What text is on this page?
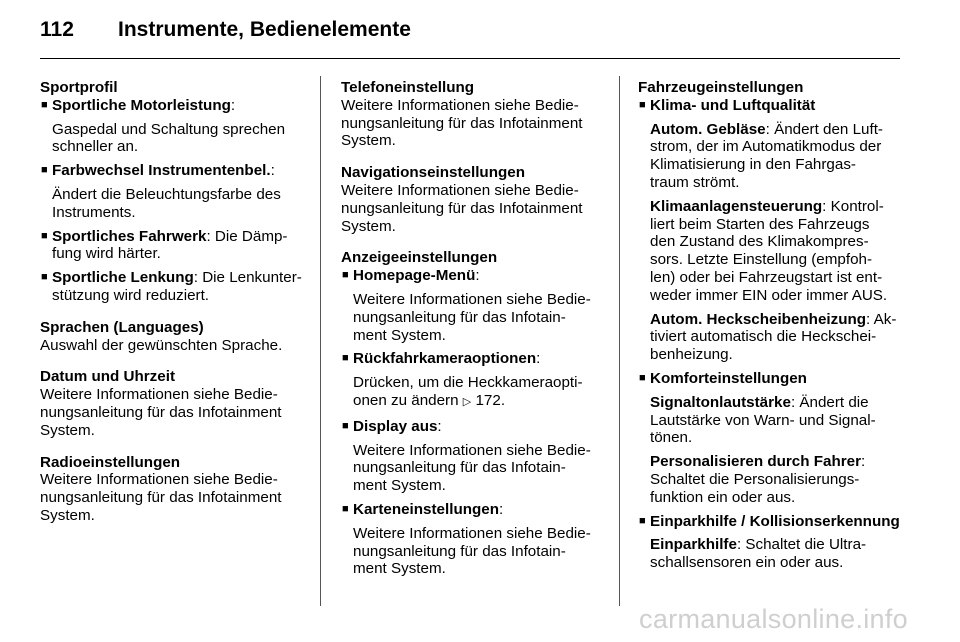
112	Instrumente, Bedienelemente
Sportprofil
■ Sportliche Motorleistung:
Gaspedal und Schaltung sprechen
schneller an.
■ Farbwechsel Instrumentenbel.:
Ändert die Beleuchtungsfarbe des
Instruments.
■ Sportliches Fahrwerk: Die Dämp-
fung wird härter.
■ Sportliche Lenkung: Die Lenkunter-
stützung wird reduziert.
Sprachen (Languages)
Auswahl der gewünschten Sprache.
Datum und Uhrzeit
Weitere Informationen siehe Bedie-
nungsanleitung für das Infotainment
System.
Radioeinstellungen
Weitere Informationen siehe Bedie-
nungsanleitung für das Infotainment
System.
Telefoneinstellung
Weitere Informationen siehe Bedie-
nungsanleitung für das Infotainment
System.
Navigationseinstellungen
Weitere Informationen siehe Bedie-
nungsanleitung für das Infotainment
System.
Anzeigeeinstellungen
■ Homepage-Menü:
Weitere Informationen siehe Bedie-
nungsanleitung für das Infotain-
ment System.
■ Rückfahrkameraoptionen:
Drücken, um die Heckkameraopti-
onen zu ändern ▷ 172.
■ Display aus:
Weitere Informationen siehe Bedie-
nungsanleitung für das Infotain-
ment System.
■ Karteneinstellungen:
Weitere Informationen siehe Bedie-
nungsanleitung für das Infotain-
ment System.
Fahrzeugeinstellungen
■ Klima- und Luftqualität
Autom. Gebläse: Ändert den Luft-
strom, der im Automatikmodus der
Klimatisierung in den Fahrgas-
traum strömt.
Klimaanlagensteuerung: Kontrol-
liert beim Starten des Fahrzeugs
den Zustand des Klimakompres-
sors. Letzte Einstellung (empfoh-
len) oder bei Fahrzeugstart ist ent-
weder immer EIN oder immer AUS.
Autom. Heckscheibenheizung: Ak-
tiviert automatisch die Heckschei-
benheizung.
■ Komforteinstellungen
Signaltonlautstärke: Ändert die
Lautstärke von Warn- und Signal-
tönen.
Personalisieren durch Fahrer:
Schaltet die Personalisierungs-
funktion ein oder aus.
■ Einparkhilfe / Kollisionserkennung
Einparkhilfe: Schaltet die Ultra-
schallsensoren ein oder aus.
carmanualsonline.info
